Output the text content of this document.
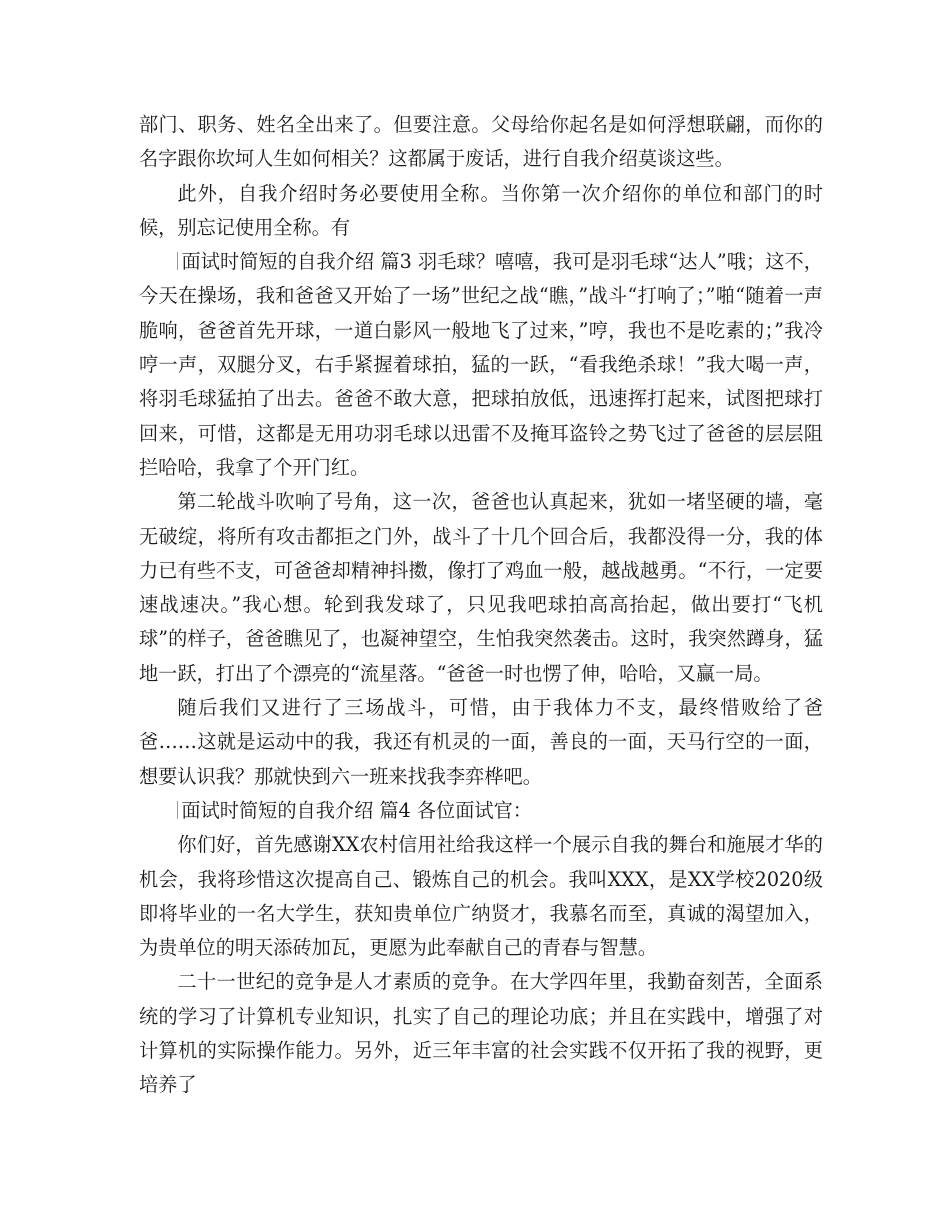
部门、职务、姓名全出来了。但要注意。父母给你起名是如何浮想联翩，而你的名字跟你坎坷人生如何相关？这都属于废话，进行自我介绍莫谈这些。

此外，自我介绍时务必要使用全称。当你第一次介绍你的单位和部门的时候，别忘记使用全称。有

面试时简短的自我介绍 篇3 羽毛球？嘻嘻，我可是羽毛球“达人”哦；这不，今天在操场，我和爸爸又开始了一场”世纪之战“瞧，”战斗“打响了；”啪“随着一声脆响，爸爸首先开球，一道白影风一般地飞了过来，”哼，我也不是吃素的；”我冷哼一声，双腿分叉，右手紧握着球拍，猛的一跃，“看我绝杀球！”我大喝一声，将羽毛球猛拍了出去。爸爸不敢大意，把球拍放低，迅速挥打起来，试图把球打回来，可惜，这都是无用功羽毛球以迅雷不及掩耳盗铃之势飞过了爸爸的层层阻拦哈哈，我拿了个开门红。

第二轮战斗吹响了号角，这一次，爸爸也认真起来，犹如一堵坚硬的墙，毫无破绽，将所有攻击都拒之门外，战斗了十几个回合后，我都没得一分，我的体力已有些不支，可爸爸却精神抖擞，像打了鸡血一般，越战越勇。“不行，一定要速战速决。”我心想。轮到我发球了，只见我吧球拍高高抬起，做出要打“飞机球”的样子，爸爸瞧见了，也凝神望空，生怕我突然袭击。这时，我突然蹲身，猛地一跃，打出了个漂亮的“流星落。“爸爸一时也愣了伸，哈哈，又赢一局。

随后我们又进行了三场战斗，可惜，由于我体力不支，最终惜败给了爸爸……这就是运动中的我，我还有机灵的一面，善良的一面，天马行空的一面，想要认识我？那就快到六一班来找我李弈桦吧。

面试时简短的自我介绍 篇4 各位面试官：

你们好，首先感谢XX农村信用社给我这样一个展示自我的舞台和施展才华的机会，我将珍惜这次提高自己、锻炼自己的机会。我叫XXX，是XX学校2020级即将毕业的一名大学生，获知贵单位广纳贤才，我慕名而至，真诚的渴望加入，为贵单位的明天添砖加瓦，更愿为此奉献自己的青春与智慧。

二十一世纪的竞争是人才素质的竞争。在大学四年里，我勤奋刻苦，全面系统的学习了计算机专业知识，扎实了自己的理论功底；并且在实践中，增强了对计算机的实际操作能力。另外，近三年丰富的社会实践不仅开拓了我的视野，更培养了
